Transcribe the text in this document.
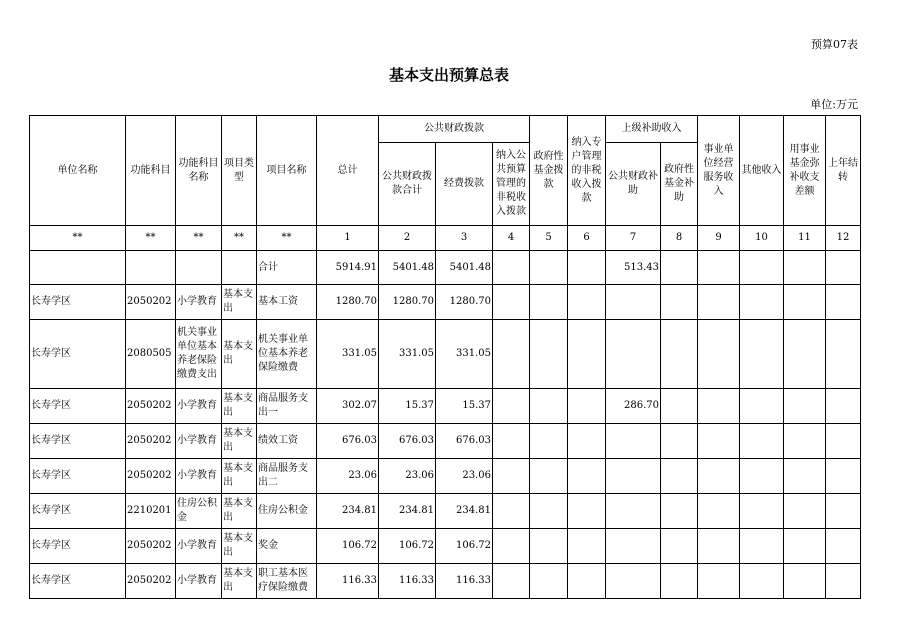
预算07表
基本支出预算总表
单位:万元
单位名称	功能科目	功能科目名称	项目类型	项目名称	总计	公共财政拨款			政府性基金拨款	纳入专户管理的非税收入拨款	上级补助收入		事业单位经营服务收入	其他收入	用事业基金弥补收支差额	上年结转
						公共财政拨款合计	经费拨款	纳入公共预算管理的非税收入拨款			公共财政补助	政府性基金补助				
**	**	**	**	**	1	2	3	4	5	6	7	8	9	10	11	12
				合计	5914.91	5401.48	5401.48				513.43					
长寿学区	2050202	小学教育	基本支出	基本工资	1280.70	1280.70	1280.70									
长寿学区	2080505	机关事业单位基本养老保险缴费支出	基本支出	机关事业单位基本养老保险缴费	331.05	331.05	331.05									
长寿学区	2050202	小学教育	基本支出	商品服务支出一	302.07	15.37	15.37				286.70					
长寿学区	2050202	小学教育	基本支出	绩效工资	676.03	676.03	676.03									
长寿学区	2050202	小学教育	基本支出	商品服务支出二	23.06	23.06	23.06									
长寿学区	2210201	住房公积金	基本支出	住房公积金	234.81	234.81	234.81									
长寿学区	2050202	小学教育	基本支出	奖金	106.72	106.72	106.72									
长寿学区	2050202	小学教育	基本支出	职工基本医疗保险缴费	116.33	116.33	116.33									
